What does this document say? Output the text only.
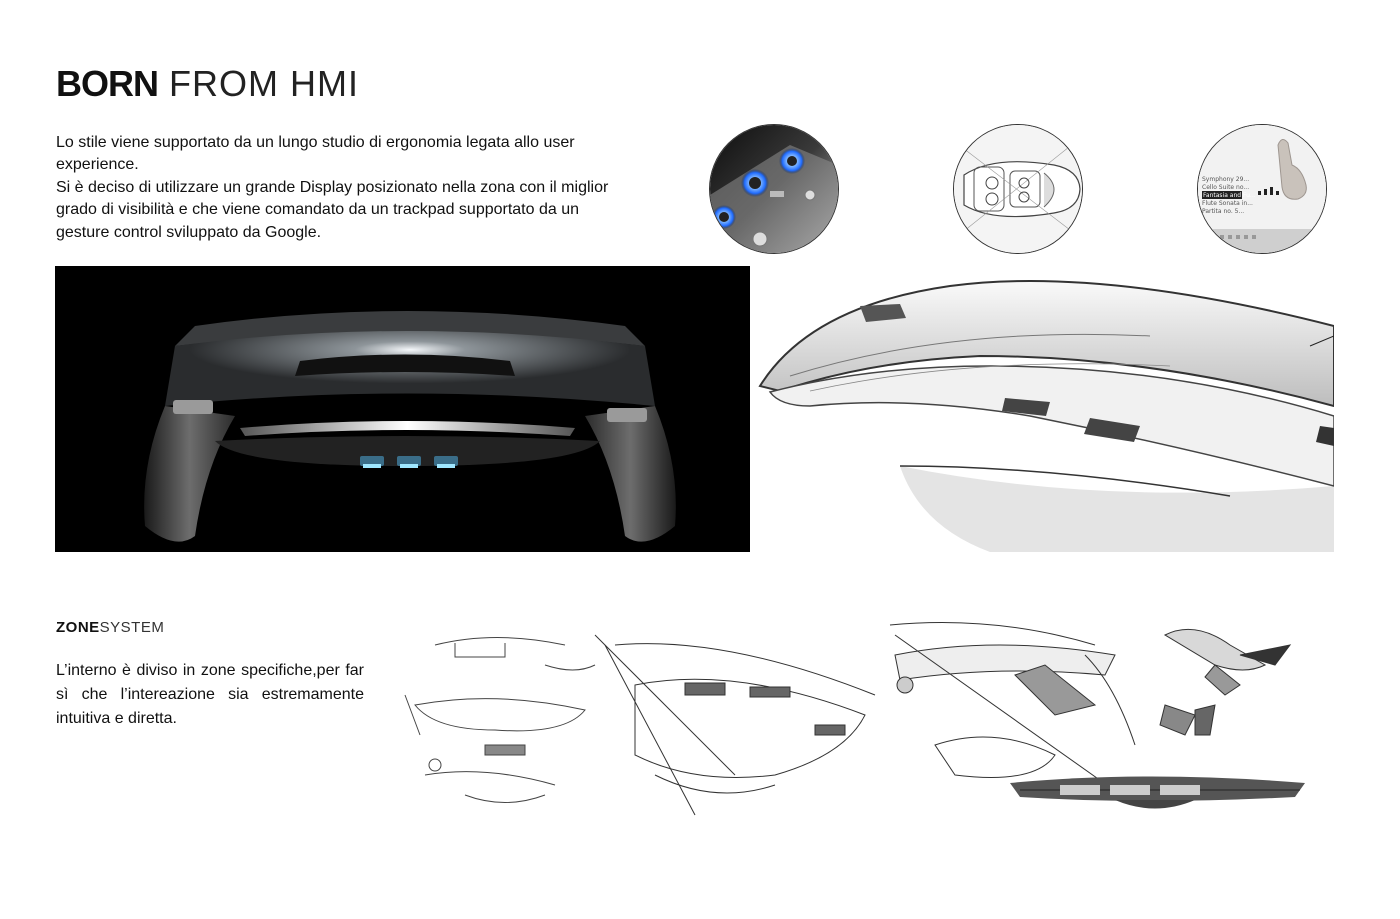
BORN FROM HMI

Lo stile viene supportato da un lungo studio di ergonomia legata allo user experience.

Si è deciso di utilizzare un grande Display posizionato nella zona con il miglior grado di visibilità e che viene comandato da un trackpad supportato da un gesture control sviluppato da Google.

Symphony 29...
Cello Suite no...
Fantasia and Fu...
Flute Sonata in...
Partita no. 5...
ZONESYSTEM
L’interno è diviso in zone specifiche,per far sì che l’intereazione sia estremamente intuitiva e diretta.
